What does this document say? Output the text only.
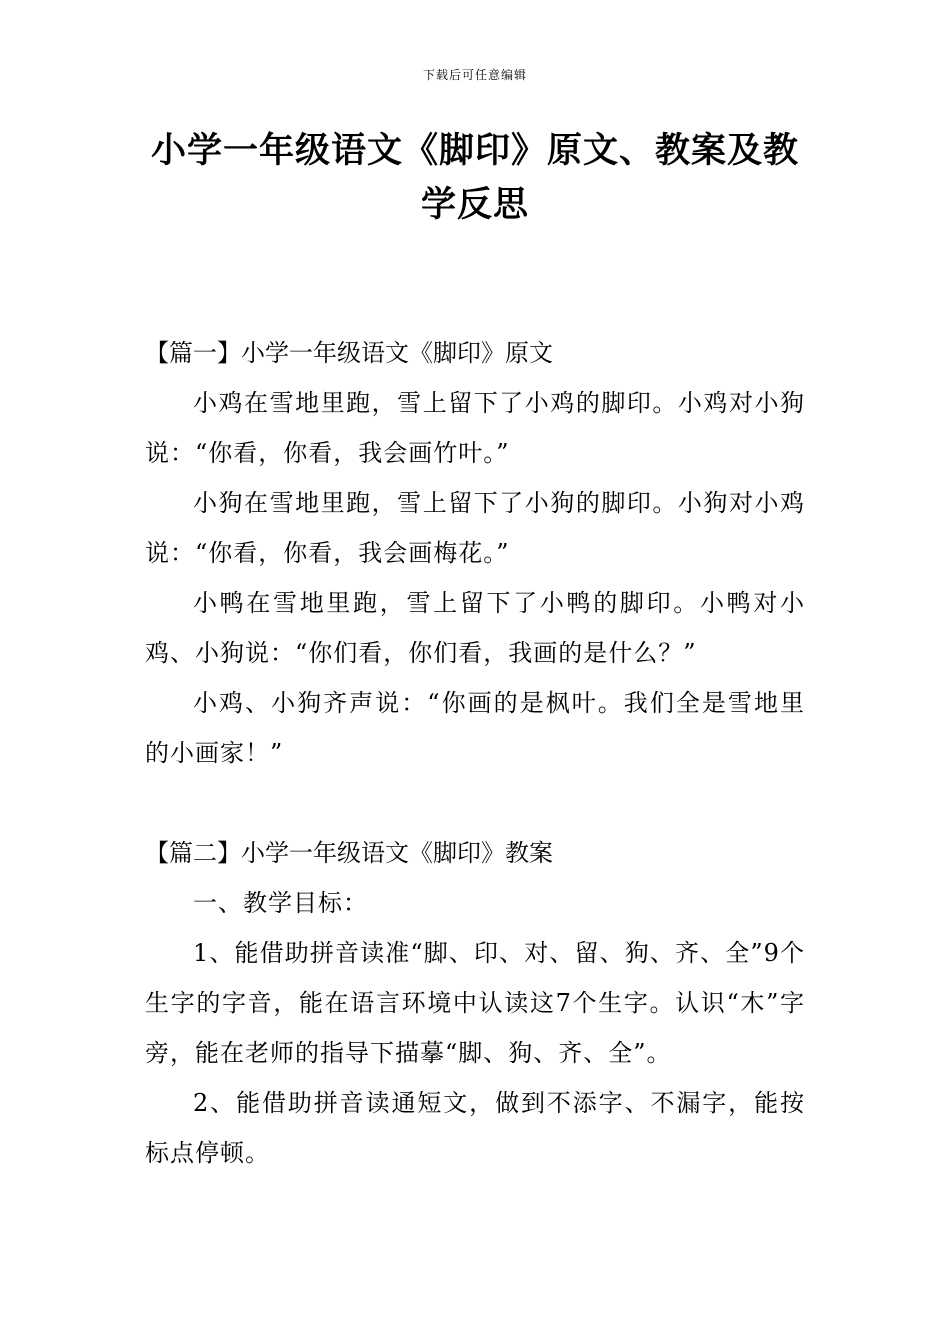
下载后可任意编辑
小学一年级语文《脚印》原文、教案及教学反思
【篇一】小学一年级语文《脚印》原文

小鸡在雪地里跑，雪上留下了小鸡的脚印。小鸡对小狗说：“你看，你看，我会画竹叶。”

小狗在雪地里跑，雪上留下了小狗的脚印。小狗对小鸡说：“你看，你看，我会画梅花。”

小鸭在雪地里跑，雪上留下了小鸭的脚印。小鸭对小鸡、小狗说：“你们看，你们看，我画的是什么？”

小鸡、小狗齐声说：“你画的是枫叶。我们全是雪地里的小画家！”

【篇二】小学一年级语文《脚印》教案

一、教学目标：

1、能借助拼音读准“脚、印、对、留、狗、齐、全”9个生字的字音，能在语言环境中认读这7个生字。认识“木”字旁，能在老师的指导下描摹“脚、狗、齐、全”。

2、能借助拼音读通短文，做到不添字、不漏字，能按标点停顿。
